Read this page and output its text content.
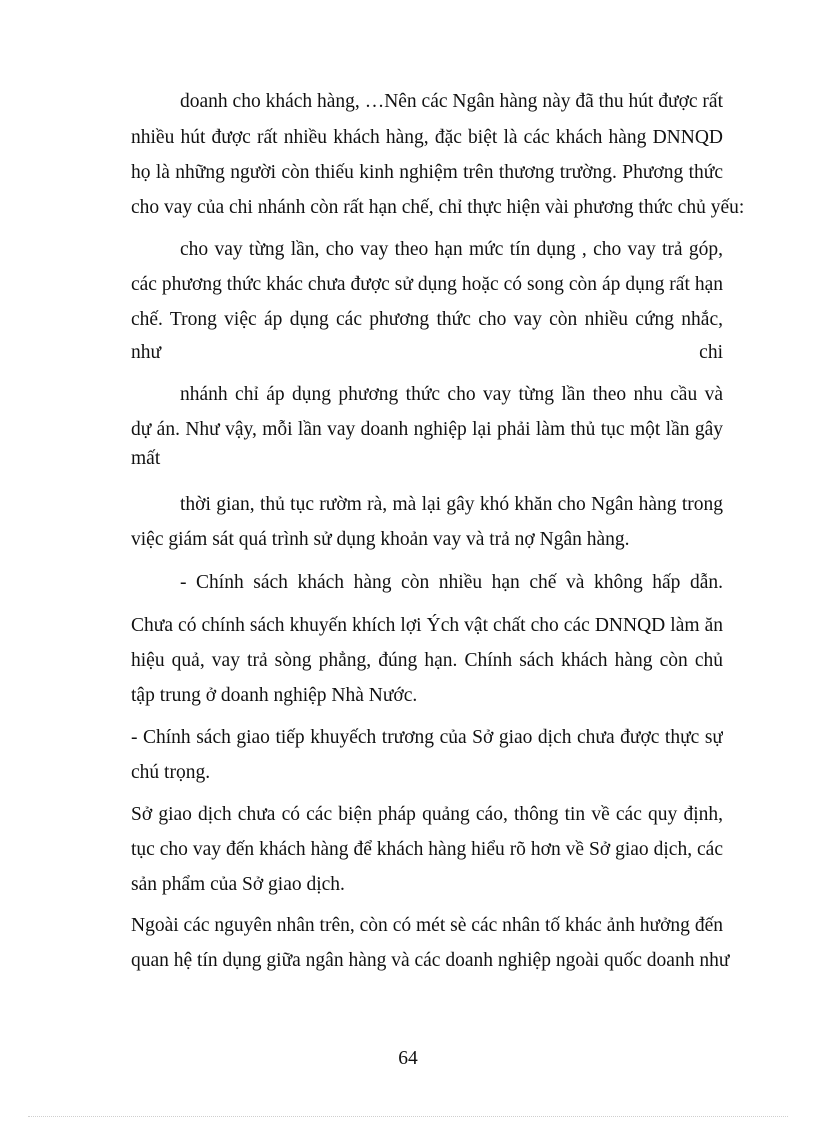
doanh cho khách hàng, …Nên các Ngân hàng này đã thu hút được rất
nhiều hút được rất nhiều khách hàng, đặc biệt là các khách hàng DNNQD
họ là những người còn thiếu kinh nghiệm trên thương trường. Phương thức
cho vay của chi nhánh còn rất hạn chế, chỉ thực hiện vài phương thức chủ yếu:
cho vay từng lần, cho vay theo hạn mức tín dụng , cho vay trả góp,
các phương thức khác chưa được sử dụng hoặc có song còn áp dụng rất hạn
chế. Trong việc áp dụng các phương thức cho vay còn nhiều cứng nhắc,
như	chi
nhánh chỉ áp dụng phương thức cho vay từng lần theo nhu cầu và
dự án. Như vậy, mỗi lần vay doanh nghiệp lại phải làm thủ tục một lần gây
mất
thời gian, thủ tục rườm rà, mà lại gây khó khăn cho Ngân hàng trong
việc giám sát quá trình sử dụng khoản vay và trả nợ Ngân hàng.
- Chính sách khách hàng còn nhiều hạn chế và không hấp dẫn.
Chưa có chính sách khuyến khích lợi Ých vật chất cho các DNNQD làm ăn
hiệu quả, vay trả sòng phẳng, đúng hạn. Chính sách khách hàng còn chủ
tập trung ở doanh nghiệp Nhà Nước.
- Chính sách giao tiếp khuyếch trương của Sở giao dịch chưa được thực sự
chú trọng.
Sở giao dịch chưa có các biện pháp quảng cáo, thông tin về các quy định,
tục cho vay đến khách hàng để khách hàng hiểu rõ hơn về Sở giao dịch, các
sản phẩm của Sở giao dịch.
Ngoài các nguyên nhân trên, còn có mét sè các nhân tố khác ảnh hưởng đến
quan hệ tín dụng giữa ngân hàng và các doanh nghiệp ngoài quốc doanh như
64
